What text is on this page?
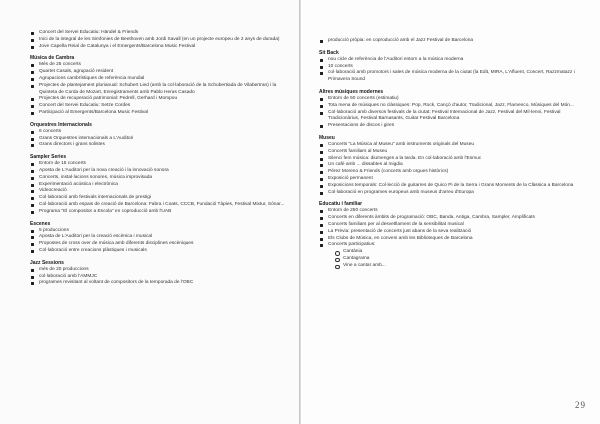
Concert del Servei Educatiu: Händel & Friends
Inici de la integral de les Simfonies de Beethoven amb Jordi Savall (en un projecte europeu de 2 anys de durada)
Jove Capella Reial de Catalunya i el Emergents/Barcelona Music Festival
Música de Cambra
Més de 25 concerts
Quartet Casals, agrupació resident
Agrupacions cambrístiques de referència mundial
Projectes de plantejament plurianual: Schubert Lied (amb la col·laboració de la Schubertiada de Vilabertran) i la Quinteta de Corda de Mozart, Enregistraments amb Pablo Heras Casado
Projectes de recuperació patrimonial: Pedrell, Gerhard i Mompou
Concert del Servei Educatiu: Setze Cordes
Participació al Emergents/Barcelona Music Festival
Orquestres Internacionals
6 concerts
Grans Orquestres internacionals a L'Auditori
Grans directors i grans solistes
Sampler Series
Entorn de 15 concerts
Aposta de L'Auditori per la nova creació i la innovació sonora
Concerts, instal·lacions sonores, música improvisada
Experimentació acústica i electrònica
Videocreació
Col·laboració amb festivals internacionals de prestigi
Col·laboració amb espais de creació de Barcelona: Fabra i Coats, CCCB, Fundació Tàpies, Festival Mixtur, Sónar...
Programa "El compositor a Escola" en coproducció amb l'UAB
Escenes
5 produccions
Aposta de L'Auditori per la creació escènica i musical
Propostes de cross over de música amb diferents disciplines escèniques
Col·laboració entre creacions plàstiques i musicals
Jazz Sessions
més de 20 produccions
col·laboració amb l'AMMJC
programes revisitant al voltant de compositors de la temporada de l'OBC
producció pròpia: en coproducció amb el Jazz Festival de Barcelona
Sit Back
nou cicle de referència de l'Auditori entorn a la música moderna
10 concerts
col·laboració amb promotors i sales de música moderna de la ciutat (la Edit, MIRA, L'Afluent, Concert, Razzmatazz i Primavera Sound
Altres músiques modernes
Entorn de 50 concerts (estimatiu)
Tota mena de músiques no clàssiques: Pop, Rock, Cançó d'autor, Tradicional, Jazz, Flamenco, Músiques del Món...
Col·laboració amb diversos festivals de la ciutat: Festival Internacional de Jazz, Festival del Mil·lenni, Festival Tradicionàrius, Festival Barnasants, Guitar Festival Barcelona
Presentacions de discos i gires
Museu
Concerts "La Música al Museu" amb instruments originals del Museu
Concerts familiars al Museu
Silenci fem música: diumenges a la tarda. En col·laboració amb l'Esmuc
Un cafè amb ... dissabtes al migdia
Pérez Moreno & Friends (concerts amb orgues històrics)
Exposició permanent
Exposicions temporals: Col·lecció de guitarres de Quico Pi de la Serra i Grans Moments de la Clàssica a Barcelona
Col·laboració en programes europeus amb museus d'arreu d'Europa
Educatiu i familiar
Entorn de 250 concerts
Concerts en diferents àmbits de programació: OBC, Banda, Antiga, Cambra, Sampler, Amplificats
Concerts familiars per al desvetllament de la sensibilitat musical
La Prèvia: presentació de concerts just abans de la seva realització
Els Clubs de Música, en conveni amb les Biblioteques de Barcelona
Concerts participatius:
Cantània
Cantagrama
Vine a cantar amb...
29
